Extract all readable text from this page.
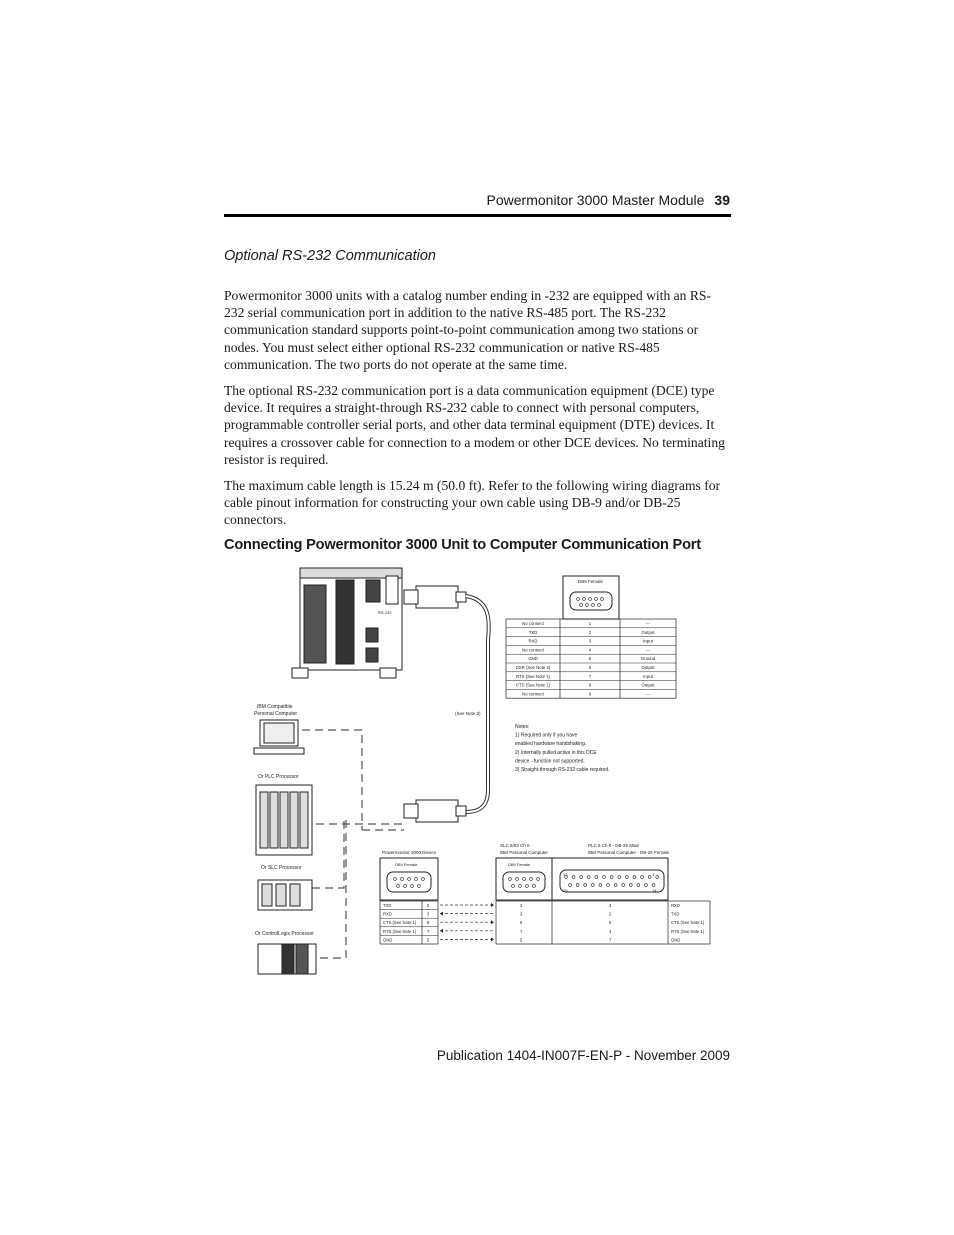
Powermonitor 3000 Master Module 39
Optional RS-232 Communication

Powermonitor 3000 units with a catalog number ending in -232 are equipped with an RS-232 serial communication port in addition to the native RS-485 port. The RS-232 communication standard supports point-to-point communication among two stations or nodes. You must select either optional RS-232 communication or native RS-485 communication. The two ports do not operate at the same time.

The optional RS-232 communication port is a data communication equipment (DCE) type device. It requires a straight-through RS-232 cable to connect with personal computers, programmable controller serial ports, and other data terminal equipment (DTE) devices. It requires a crossover cable for connection to a modem or other DCE devices. No terminating resistor is required.

The maximum cable length is 15.24 m (50.0 ft). Refer to the following wiring diagrams for cable pinout information for constructing your own cable using DB-9 and/or DB-25 connectors.

Connecting Powermonitor 3000 Unit to Computer Communication Port
RS-232
(See Note 3)
IBM Compatible
Personal Computer
Or PLC Processor
Or SLC Processor
Or ControlLogix Processor
DB9 Female
No connect	1	---
TXD	2	Output
RXD	3	Input
No connect	4	---
GND	5	Ground
DSR (See Note 2)	6	Output
RTS (See Note 1)	7	Input
CTS (See Note 1)	8	Output
No connect	9	---
Notes:
1) Required only if you have
enabled hardware handshaking.
2) Internally pulled active in this DCE
device - function not supported.
3) Straight-through RS-232 cable required.
Powermonitor 3000 Device
DB9 Female
TXD	2
RXD	3
CTS (See Note 1)	8
RTS (See Note 1)	7
GND	5
SLC 5/03 Ch 0
IBM Personal Computer
DB9 Female
PLC 5 Ch 0 - DB-25 Male
IBM Personal Computer - DB-25 Female
13	1
25	14
2	3	RXD
3	2	TXD
8	5	CTS (See Note 1)
7	4	RTS (See Note 1)
5	7	GND
Publication 1404-IN007F-EN-P - November 2009
